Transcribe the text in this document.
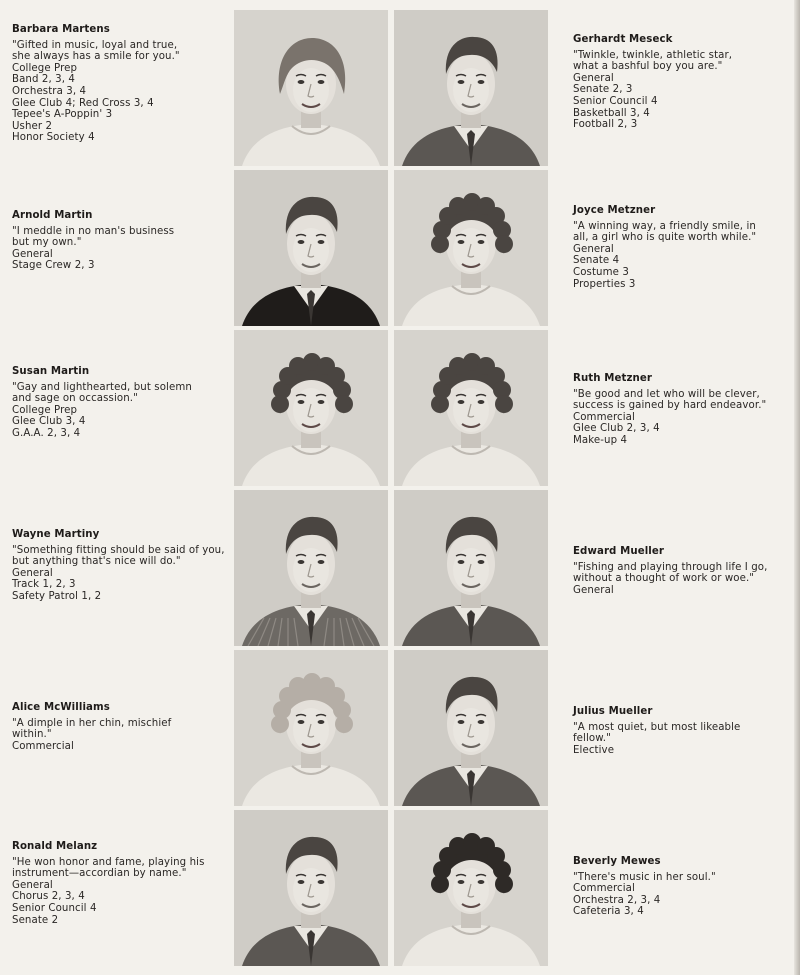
Barbara Martens
"Gifted in music, loyal and true,
she always has a smile for you."
College Prep
Band 2, 3, 4
Orchestra 3, 4
Glee Club 4; Red Cross 3, 4
Tepee's A-Poppin' 3
Usher 2
Honor Society 4
Arnold Martin
"I meddle in no man's business
but my own."
General
Stage Crew 2, 3
Susan Martin
"Gay and lighthearted, but solemn
and sage on occassion."
College Prep
Glee Club 3, 4
G.A.A. 2, 3, 4
Wayne Martiny
"Something fitting should be said of you,
but anything that's nice will do."
General
Track 1, 2, 3
Safety Patrol 1, 2
Alice McWilliams
"A dimple in her chin, mischief
within."
Commercial
Ronald Melanz
"He won honor and fame, playing his
instrument—accordian by name."
General
Chorus 2, 3, 4
Senior Council 4
Senate 2
Gerhardt Meseck
"Twinkle, twinkle, athletic star,
what a bashful boy you are."
General
Senate 2, 3
Senior Council 4
Basketball 3, 4
Football 2, 3
Joyce Metzner
"A winning way, a friendly smile, in
all, a girl who is quite worth while."
General
Senate 4
Costume 3
Properties 3
Ruth Metzner
"Be good and let who will be clever,
success is gained by hard endeavor."
Commercial
Glee Club 2, 3, 4
Make-up 4
Edward Mueller
"Fishing and playing through life I go,
without a thought of work or woe."
General
Julius Mueller
"A most quiet, but most likeable
fellow."
Elective
Beverly Mewes
"There's music in her soul."
Commercial
Orchestra 2, 3, 4
Cafeteria 3, 4
